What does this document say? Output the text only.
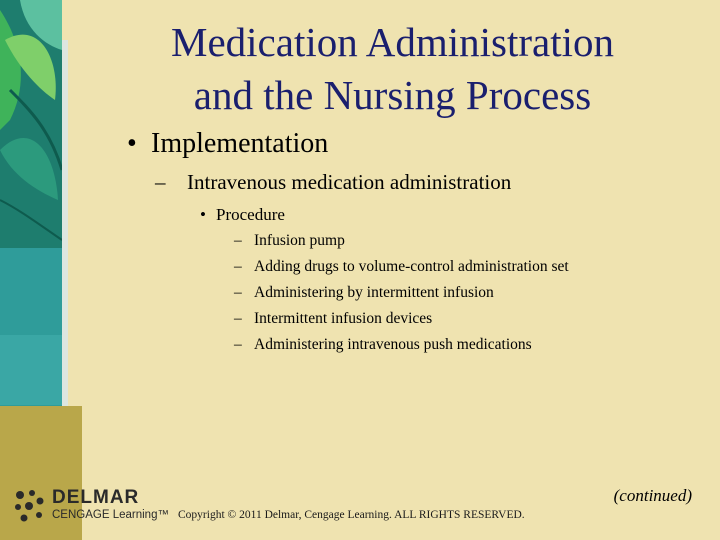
Medication Administration
and the Nursing Process
• Implementation
– Intravenous medication administration
• Procedure
– Infusion pump
– Adding drugs to volume-control administration set
– Administering by intermittent infusion
– Intermittent infusion devices
– Administering intravenous push medications
DELMAR
CENGAGE Learning™ Copyright © 2011 Delmar, Cengage Learning. ALL RIGHTS RESERVED.
(continued)
